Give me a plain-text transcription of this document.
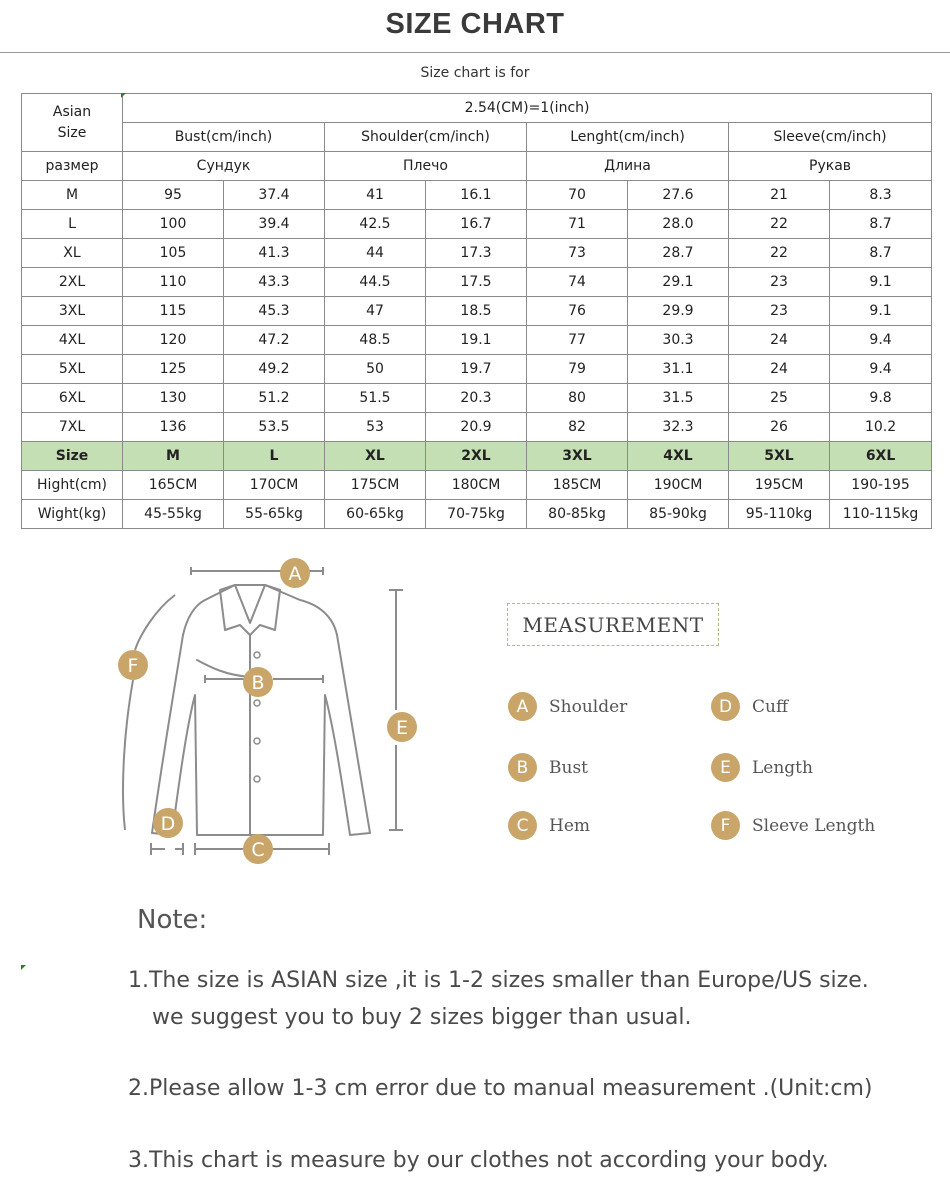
SIZE CHART
Size chart is for
Asian Size	2.54(CM)=1(inch)							
	Bust(cm/inch)		Shoulder(cm/inch)		Lenght(cm/inch)		Sleeve(cm/inch)	
размер	Сундук		Плечо		Длина		Рукав	
M	95	37.4	41	16.1	70	27.6	21	8.3
L	100	39.4	42.5	16.7	71	28.0	22	8.7
XL	105	41.3	44	17.3	73	28.7	22	8.7
2XL	110	43.3	44.5	17.5	74	29.1	23	9.1
3XL	115	45.3	47	18.5	76	29.9	23	9.1
4XL	120	47.2	48.5	19.1	77	30.3	24	9.4
5XL	125	49.2	50	19.7	79	31.1	24	9.4
6XL	130	51.2	51.5	20.3	80	31.5	25	9.8
7XL	136	53.5	53	20.9	82	32.3	26	10.2
Size	M	L	XL	2XL	3XL	4XL	5XL	6XL
Hight(cm)	165CM	170CM	175CM	180CM	185CM	190CM	195CM	190-195
Wight(kg)	45-55kg	55-65kg	60-65kg	70-75kg	80-85kg	85-90kg	95-110kg	110-115kg
A
B
C
D
E
F
MEASUREMENT
A	Shoulder
B	Bust
C	Hem
D	Cuff
E	Length
F	Sleeve Length
Note:
1.The size is ASIAN size ,it is 1-2 sizes smaller than Europe/US size.
we suggest you to buy 2 sizes bigger than usual.
2.Please allow 1-3 cm error due to manual measurement .(Unit:cm)
3.This chart is measure by our clothes not according your body.
